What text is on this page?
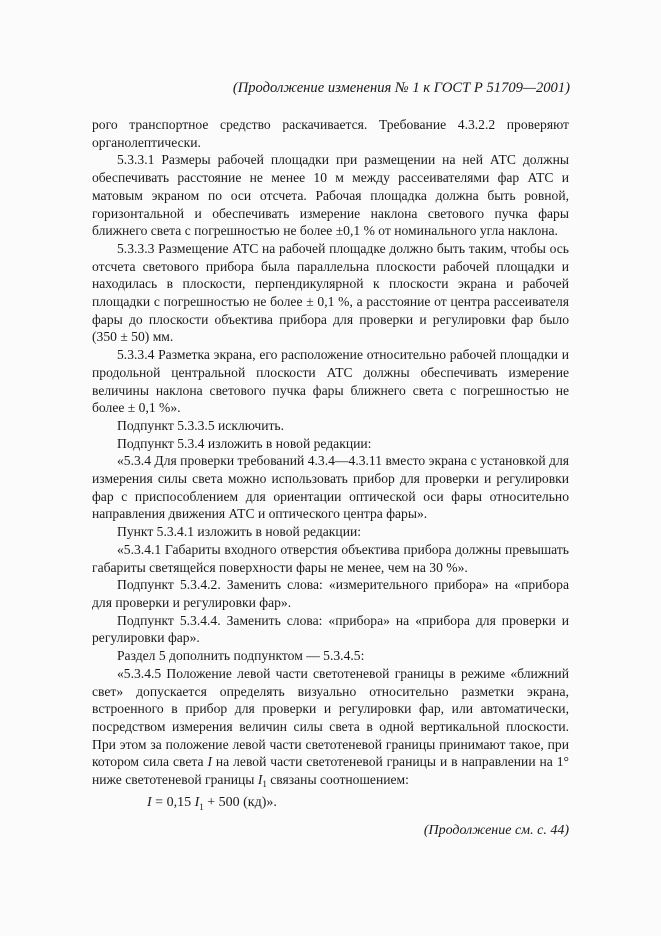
(Продолжение изменения № 1 к ГОСТ Р 51709—2001)

рого транспортное средство раскачивается. Требование 4.3.2.2 проверяют органолептически.

5.3.3.1 Размеры рабочей площадки при размещении на ней АТС должны обеспечивать расстояние не менее 10 м между рассеивателями фар АТС и матовым экраном по оси отсчета. Рабочая площадка должна быть ровной, горизонтальной и обеспечивать измерение наклона светового пучка фары ближнего света с погрешностью не более ±0,1 % от номинального угла наклона.

5.3.3.3 Размещение АТС на рабочей площадке должно быть таким, чтобы ось отсчета светового прибора была параллельна плоскости рабочей площадки и находилась в плоскости, перпендикулярной к плоскости экрана и рабочей площадки с погрешностью не более ± 0,1 %, а расстояние от центра рассеивателя фары до плоскости объектива прибора для проверки и регулировки фар было (350 ± 50) мм.

5.3.3.4 Разметка экрана, его расположение относительно рабочей площадки и продольной центральной плоскости АТС должны обеспечивать измерение величины наклона светового пучка фары ближнего света с погрешностью не более ± 0,1 %».

Подпункт 5.3.3.5 исключить.

Подпункт 5.3.4 изложить в новой редакции:

«5.3.4 Для проверки требований 4.3.4—4.3.11 вместо экрана с установкой для измерения силы света можно использовать прибор для проверки и регулировки фар с приспособлением для ориентации оптической оси фары относительно направления движения АТС и оптического центра фары».

Пункт 5.3.4.1 изложить в новой редакции:

«5.3.4.1 Габариты входного отверстия объектива прибора должны превышать габариты светящейся поверхности фары не менее, чем на 30 %».

Подпункт 5.3.4.2. Заменить слова: «измерительного прибора» на «прибора для проверки и регулировки фар».

Подпункт 5.3.4.4. Заменить слова: «прибора» на «прибора для проверки и регулировки фар».

Раздел 5 дополнить подпунктом — 5.3.4.5:

«5.3.4.5 Положение левой части светотеневой границы в режиме «ближний свет» допускается определять визуально относительно разметки экрана, встроенного в прибор для проверки и регулировки фар, или автоматически, посредством измерения величин силы света в одной вертикальной плоскости. При этом за положение левой части светотеневой границы принимают такое, при котором сила света I на левой части светотеневой границы и в направлении на 1° ниже светотеневой границы $I_1$ связаны соотношением:

I = 0,15 $I_1 + 500$ (кд)».

(Продолжение см. с. 44)
